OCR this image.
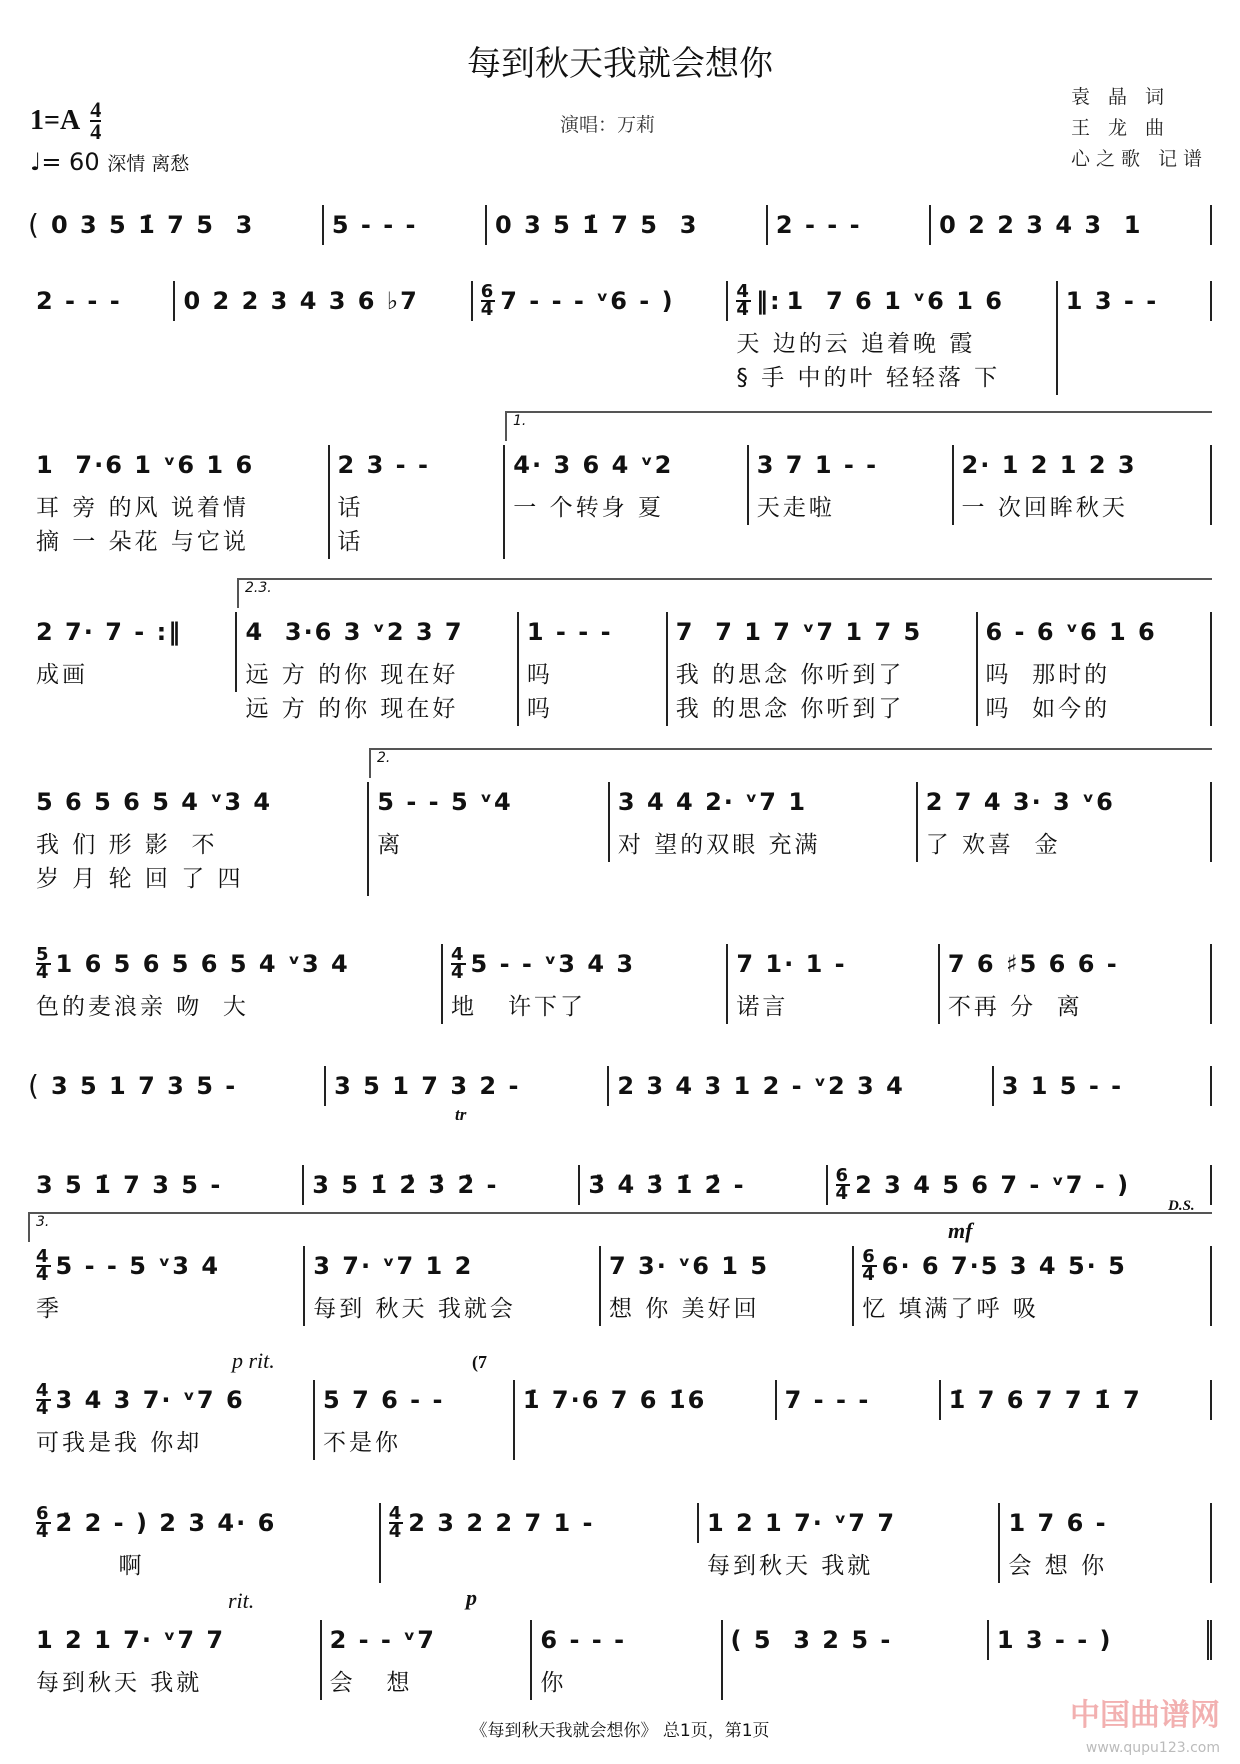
每到秋天我就会想你
$1=A \frac{4}{4}$
♩= 60 深情 离愁
演唱：万莉
袁 晶 词
王 龙 曲
心之歌 记谱
( 0 3 5 1̇ 7 5  3	5 - - -	0 3 5 1̇ 7 5  3	2 - - -	0 2 2 3 4 3  1
2 - - -	0 2 2 3 4 3 6 ♭7	6
4 7 - - - ᵛ6 - )	4
4 ‖: 1  7 6 1 ᵛ6 1 6
天 边的云 追着晚 霞
§ 手 中的叶 轻轻落 下
1 3 - -
1.
1  7·6 1 ᵛ6 1 6
耳 旁 的风 说着情
摘 一 朵花 与它说
2 3 - -
话
话
4· 3 6 4 ᵛ2
一 个转身 夏
3 7 1 - -
天走啦
2· 1 2 1 2 3
一 次回眸秋天
2.3.
2 7· 7 - :‖
成画
4  3·6 3 ᵛ2 3 7
远 方 的你 现在好
远 方 的你 现在好
1 - - -
吗
吗
7  7 1 7 ᵛ7 1 7 5
我 的思念 你听到了
我 的思念 你听到了
6 - 6 ᵛ6 1 6
吗  那时的
吗  如今的
2.
5 6 5 6 5 4 ᵛ3 4
我 们 形 影  不
岁 月 轮 回 了 四
5 - - 5 ᵛ4
离
3 4 4 2· ᵛ7 1
对 望的双眼 充满
2 7 4 3· 3 ᵛ6
了 欢喜  金
5
4 1 6 5 6 5 6 5 4 ᵛ3 4
色的麦浪亲 吻  大
4
4 5 - - ᵛ3 4 3
地   许下了
7 1· 1 -
诺言
7 6 ♯5 6 6 -
不再 分  离
( 3 5 1 7 3 5 -	3 5 1 7 3 2 -	2 3 4 3 1 2 - ᵛ2 3 4	3 1 5 - -
3 5 1̇ 7 3 5 -	3 5 1̇ 2̇ 3̇ 2̇ -	3̇ 4̇ 3̇ 1̇ 2̇ -	6
4 2 3 4 5 6 7 - ᵛ7 - )
3.
4
4 5 - - 5 ᵛ3 4
季
3 7· ᵛ7 1 2
每到 秋天 我就会
7 3· ᵛ6 1 5
想 你 美好回
6
4 6· 6 7·5 3 4 5· 5
忆 填满了呼 吸
4
4 3 4 3 7· ᵛ7 6
可我是我 你却
5 7 6 - -
不是你
1̇ 7·6 7 6 1̇6	7 - - -	1̇ 7 6 7 7 1̇ 7
6
4 2̇ 2 - ) 2 3 4· 6
啊
4
4 2 3 2 2 7 1 -	1 2 1 7· ᵛ7 7
每到秋天 我就
1 7 6 -
会 想 你
1 2 1 7· ᵛ7 7
每到秋天 我就
2 - - ᵛ7
会   想
6 - - -
你
( 5  3 2 5 -	1 3 - - )
tr
D.S.
mf
p rit.	(7
rit.	p
《每到秋天我就会想你》 总1页，第1页	中国曲谱网
www.qupu123.com
